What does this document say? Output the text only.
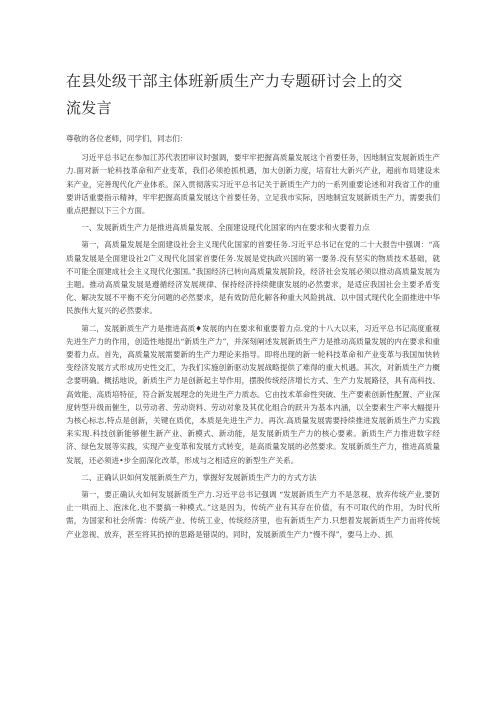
在县处级干部主体班新质生产力专题研讨会上的交
流发言

尊敬的各位老师，同学们，同志们：

习近平总书记在参加江苏代表团审议时强调，要牢牢把握高质量发展这个首要任务，因地制宜发展新质生产力.面对新一轮科技革命和产业变革，我们必须抢抓机遇，加大创新力度，培育壮大新兴产业，超前布局建设未来产业，完善现代化产业体系。深入贯彻落实习近平总书记关于新质生产力的一系列重要论述和对我省工作的重要讲话重要指示精神，牢牢把握高质量发展这个首要任务，立足我市实际，因地制宜发展新质生产力，需要我们重点把握以下三个方面。

一、发展新质生产力是推进高质量发展、全面建设现代化国家的内在要求和火要着力点

第一，高质量发展是全面建设社会主义现代化国家的首要任务.习近平总书记在党的二十大报告中强调：“高质量发展是全面建设社2广义现代化国家首要任务.发展是党执政兴国的第一要务.没有坚实的物质技术基础，就不可能全面建成社会主义现代化强国。”我国经济已转向高质量发展阶段，经济社会发展必须以推动高质量发展为主题。推动高质量发展是遵循经济发展规律、保持经济持续健康发展的必然要求，是适应我国社会主要矛盾变化、解决发展不平衡不充分问题的必然要求，是有效防范化解各种重大风险挑战、以中国式现代化全面推进中华民族伟大复兴的必然要求。

第二，发展新质生产力是推进高质♦发展的内在要求和重要着力点.党的十八大以来，习近平总书记高度重视先进生产力的作用，创造性地提出“新质生产力”，并深刻阐述发展新质生产力是推动高质量发展的内在要求和重要着力点。首先，高质量发展需要新的生产力理论来指导。即将出现的新一轮科技革命和产业变革与我国加快转变经济发展方式形成历史性交汇，为我们实施创新驱动发展战略提供了难得的重大机遇。其次，对新质生产力概念要明确。概括地说，新质生产力是创新起主导作用，摆脱传统经济增长方式、生产力发展路径，具有高科技、高效能、高质培特征，符合新发展理念的先进生产力质态。它由技术革命性突破、生产要素创新性配置、产业深度转型升级而催生，以劳动者、劳动资料、劳动对象及其优化组合的跃升为基本内涵，以全要素生产率大幅提升为核心标志,特点是创新，关键在质优，本质是先进生产力。再次.高质量发展需要持续推进发展新质生产力实践来实现.科技创新能够催生新产业、新模式、新动能，是发展新质生产力的核心要素。新质生产力推进数字经济、绿色发展等实践，实现产业变革和发展方式转变，是高质量发展的必然要求。发展新质生产力，推进高质量发展，还必须进•步全面深化改革，形成与之相适应的新型生产关系。

二、正确认识如何发展新质生产力，掌握好发展新质生产力的方式方法

第一，要正确认火如何发展新质生产力.习近平总书记强调 “发展新质生产力不是忽视、放弃传统产业,要防止一哄而上、泡沫化,也不要搞一种模式。”这是因为，传统产业有其存在价值，有不可取代的作用，为时代所需，为国家和社会所需：传统产业、传统工业、传统经济里，也有新质生产力.只想着发展新质生产力而将传统产业忽视、放弃，甚至将其扔掉的思路是错误的。同时，发展新质生产力“慢不得”，要马上办、抓
